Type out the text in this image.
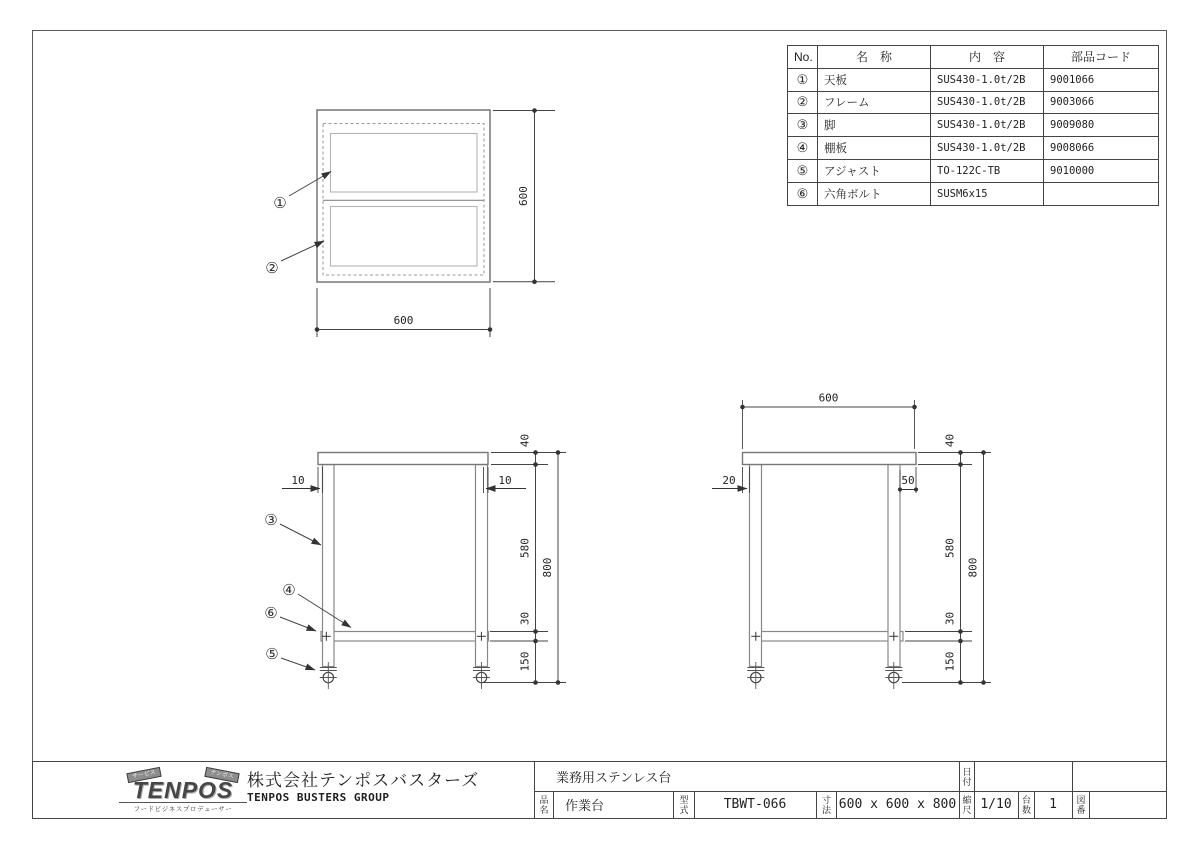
①
②
600
600
10	10
③
④
⑥
⑤
40
580
30
150
800
600
20	50
40
580
30
150
800
No.	名　称	内　容	部品コード
①	天板	SUS430-1.0t/2B	9001066
②	フレーム	SUS430-1.0t/2B	9003066
③	脚	SUS430-1.0t/2B	9009080
④	棚板	SUS430-1.0t/2B	9008066
⑤	アジャスト	TO-122C-TB	9010000
⑥	六角ボルト	SUSM6x15	
サービス	テンポス
TENPOS
フードビジネスプロデューサー
株式会社テンポスバスターズ
TENPOS BUSTERS GROUP
業務用ステンレス台	日付
品名	作業台	型式	TBWT-066	寸法 600 x 600 x 800 縮尺 1/10	台数	1	図番
